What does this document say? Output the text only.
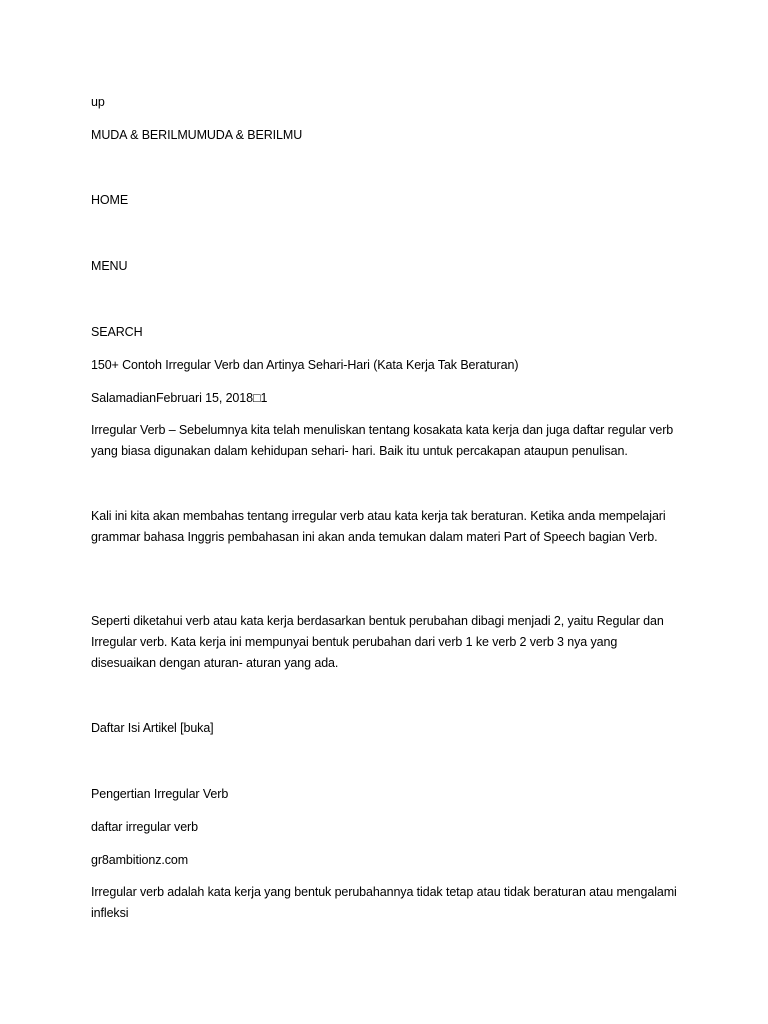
up
MUDA & BERILMUMUDA & BERILMU
HOME
MENU
SEARCH
150+ Contoh Irregular Verb dan Artinya Sehari-Hari (Kata Kerja Tak Beraturan)
SalamadianFebruari 15, 2018□1
Irregular Verb – Sebelumnya kita telah menuliskan tentang kosakata kata kerja dan juga daftar regular verb yang biasa digunakan dalam kehidupan sehari- hari. Baik itu untuk percakapan ataupun penulisan.
Kali ini kita akan membahas tentang irregular verb atau kata kerja tak beraturan. Ketika anda mempelajari grammar bahasa Inggris pembahasan ini akan anda temukan dalam materi Part of Speech bagian Verb.
Seperti diketahui verb atau kata kerja berdasarkan bentuk perubahan dibagi menjadi 2, yaitu Regular dan Irregular verb. Kata kerja ini mempunyai bentuk perubahan dari verb 1 ke verb 2 verb 3 nya yang disesuaikan dengan aturan- aturan yang ada.
Daftar Isi Artikel [buka]
Pengertian Irregular Verb
daftar irregular verb
gr8ambitionz.com
Irregular verb adalah kata kerja yang bentuk perubahannya tidak tetap atau tidak beraturan atau mengalami infleksi
